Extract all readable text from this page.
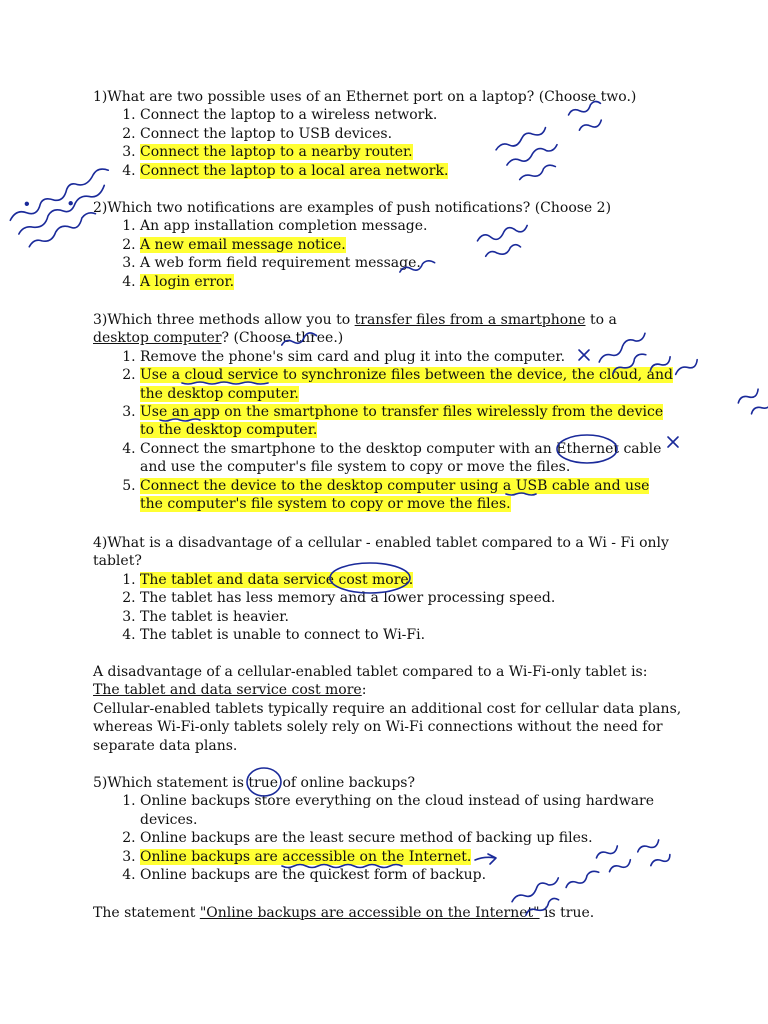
1)What are two possible uses of an Ethernet port on a laptop? (Choose two.)

1. Connect the laptop to a wireless network.
2. Connect the laptop to USB devices.
3. Connect the laptop to a nearby router.
4. Connect the laptop to a local area network.

2)Which two notifications are examples of push notifications? (Choose 2)

1. An app installation completion message.
2. A new email message notice.
3. A web form field requirement message.
4. A login error.

3)Which three methods allow you to transfer files from a smartphone to a desktop computer? (Choose three.)

1. Remove the phone's sim card and plug it into the computer.
2. Use a cloud service to synchronize files between the device, the cloud, and the desktop computer.
3. Use an app on the smartphone to transfer files wirelessly from the device to the desktop computer.
4. Connect the smartphone to the desktop computer with an Ethernet cable and use the computer's file system to copy or move the files.
5. Connect the device to the desktop computer using a USB cable and use the computer's file system to copy or move the files.

4)What is a disadvantage of a cellular - enabled tablet compared to a Wi - Fi only tablet?

1. The tablet and data service cost more.
2. The tablet has less memory and a lower processing speed.
3. The tablet is heavier.
4. The tablet is unable to connect to Wi-Fi.

A disadvantage of a cellular-enabled tablet compared to a Wi-Fi-only tablet is:

The tablet and data service cost more:

Cellular-enabled tablets typically require an additional cost for cellular data plans, whereas Wi-Fi-only tablets solely rely on Wi-Fi connections without the need for separate data plans.

5)Which statement is true of online backups?

1. Online backups store everything on the cloud instead of using hardware devices.
2. Online backups are the least secure method of backing up files.
3. Online backups are accessible on the Internet.
4. Online backups are the quickest form of backup.

The statement "Online backups are accessible on the Internet" is true.
